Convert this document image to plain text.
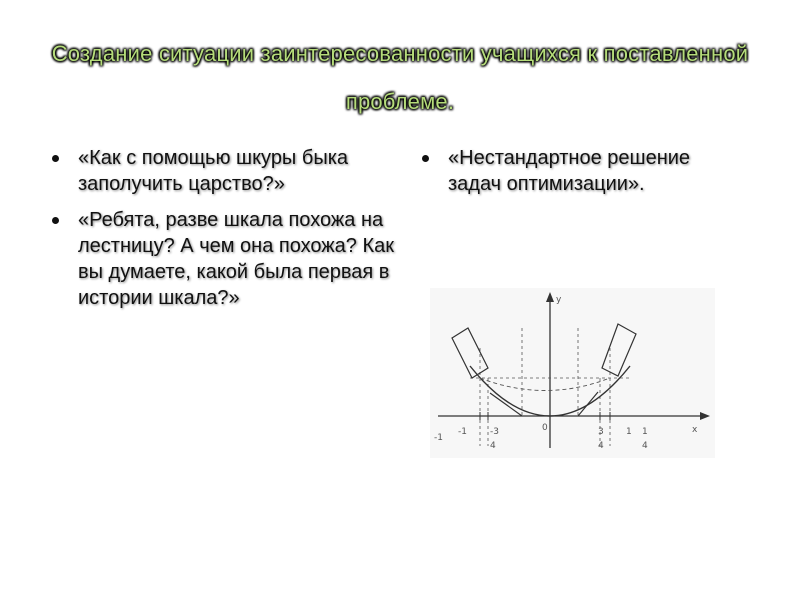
Создание ситуации заинтересованности учащихся к поставленной проблеме.
«Как с помощью шкуры быка заполучить царство?»
«Ребята, разве шкала похожа на лестницу? А чем она похожа? Как вы думаете, какой была первая в истории шкала?»
«Нестандартное решение задач оптимизации».
y
x
0
-1
-1	-3
4
3
4
1 1
4
